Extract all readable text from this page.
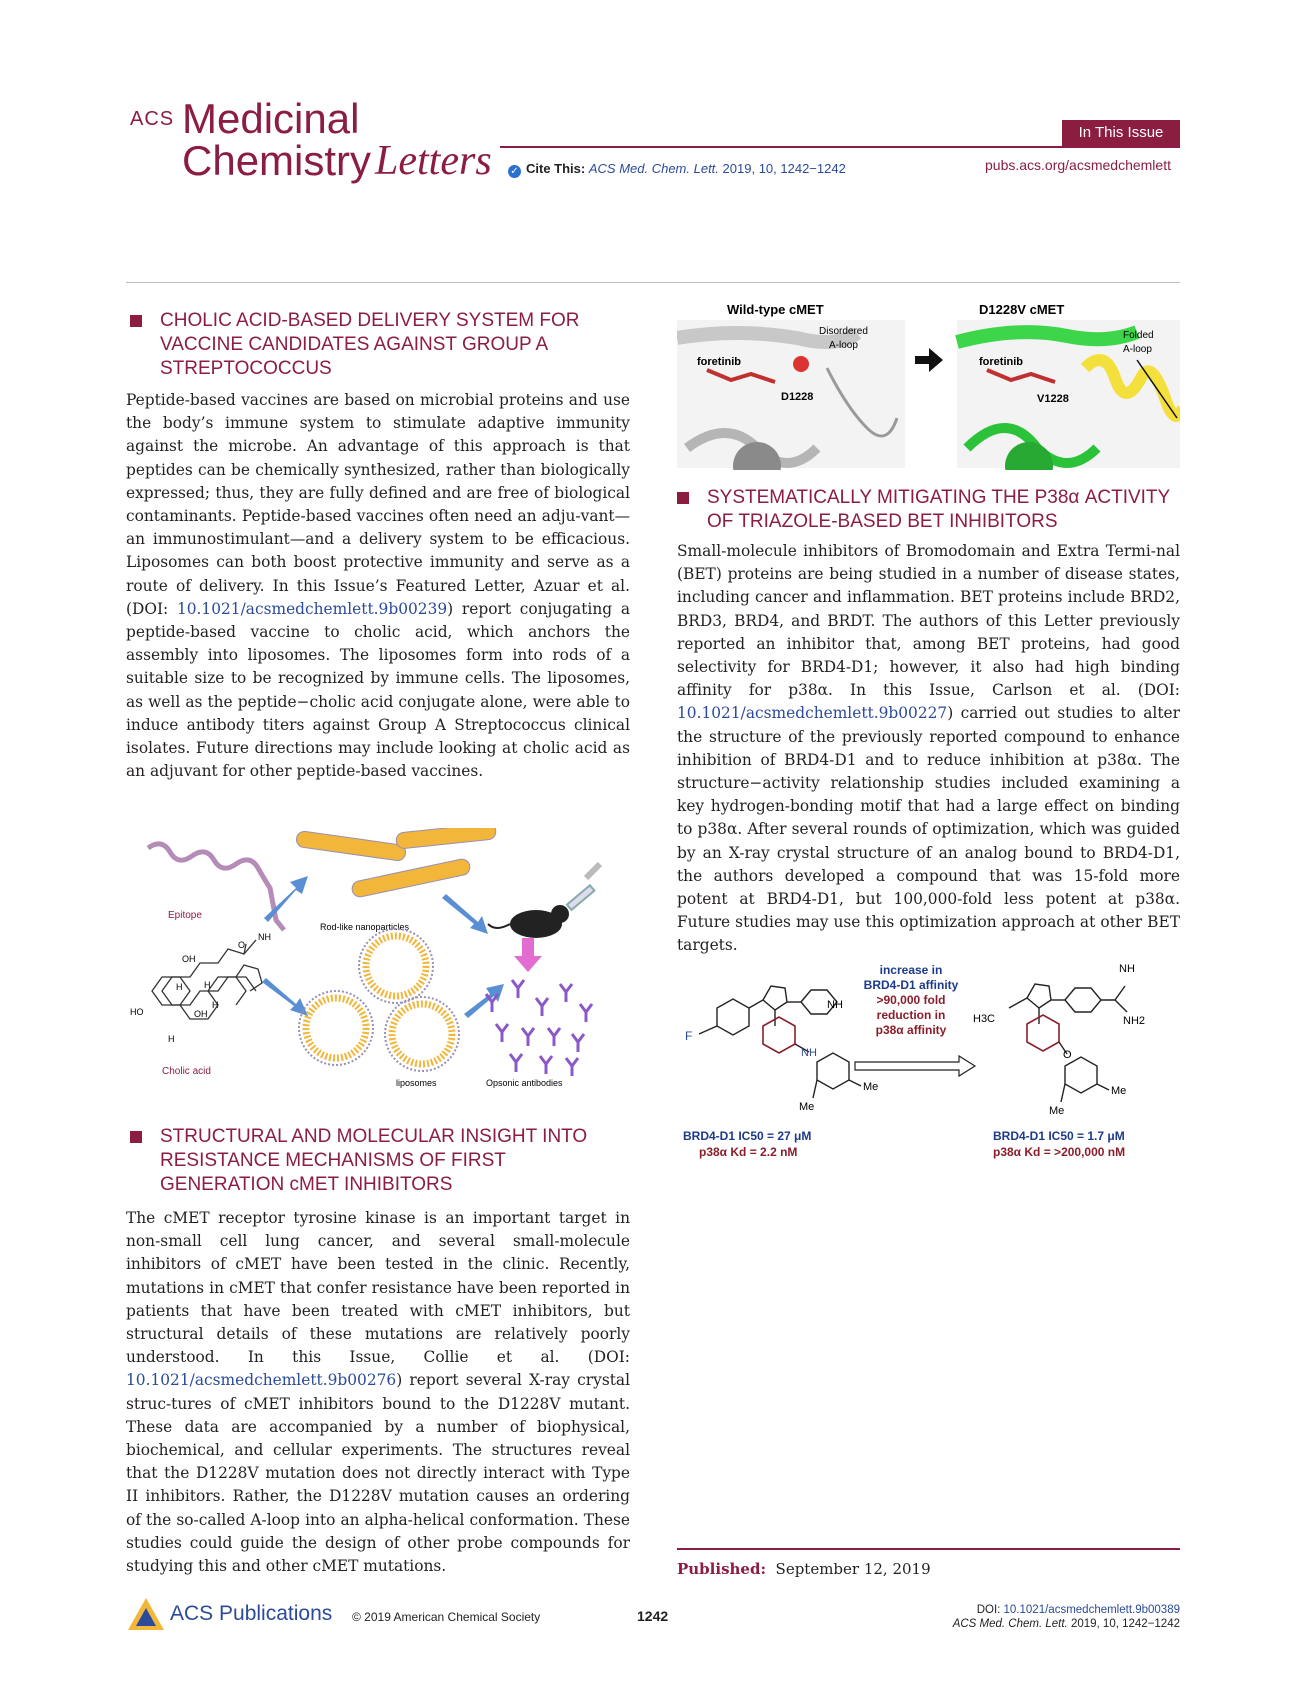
ACS Medicinal
Chemistry Letters
In This Issue
✓ Cite This: ACS Med. Chem. Lett. 2019, 10, 1242−1242	pubs.acs.org/acsmedchemlett
CHOLIC ACID-BASED DELIVERY SYSTEM FOR VACCINE CANDIDATES AGAINST GROUP A STREPTOCOCCUS
Peptide-based vaccines are based on microbial proteins and use the body’s immune system to stimulate adaptive immunity against the microbe. An advantage of this approach is that peptides can be chemically synthesized, rather than biologically expressed; thus, they are fully defined and are free of biological contaminants. Peptide-based vaccines often need an adju-vant—an immunostimulant—and a delivery system to be efficacious. Liposomes can both boost protective immunity and serve as a route of delivery. In this Issue’s Featured Letter, Azuar et al. (DOI: 10.1021/acsmedchemlett.9b00239) report conjugating a peptide-based vaccine to cholic acid, which anchors the assembly into liposomes. The liposomes form into rods of a suitable size to be recognized by immune cells. The liposomes, as well as the peptide−cholic acid conjugate alone, were able to induce antibody titers against Group A Streptococcus clinical isolates. Future directions may include looking at cholic acid as an adjuvant for other peptide-based vaccines.
Epitope
NH
OH
O
HO	OH
H H
H
H
Cholic acid
Rod-like nanoparticles
liposomes	Opsonic antibodies
STRUCTURAL AND MOLECULAR INSIGHT INTO RESISTANCE MECHANISMS OF FIRST GENERATION cMET INHIBITORS
The cMET receptor tyrosine kinase is an important target in non-small cell lung cancer, and several small-molecule inhibitors of cMET have been tested in the clinic. Recently, mutations in cMET that confer resistance have been reported in patients that have been treated with cMET inhibitors, but structural details of these mutations are relatively poorly understood. In this Issue, Collie et al. (DOI: 10.1021/acsmedchemlett.9b00276) report several X-ray crystal struc-tures of cMET inhibitors bound to the D1228V mutant. These data are accompanied by a number of biophysical, biochemical, and cellular experiments. The structures reveal that the D1228V mutation does not directly interact with Type II inhibitors. Rather, the D1228V mutation causes an ordering of the so-called A-loop into an alpha-helical conformation. These studies could guide the design of other probe compounds for studying this and other cMET mutations.
Wild-type cMET	D1228V cMET
foretinib
Disordered
A-loop
D1228
foretinib
Folded
A-loop
V1228
SYSTEMATICALLY MITIGATING THE P38α ACTIVITY OF TRIAZOLE-BASED BET INHIBITORS
Small-molecule inhibitors of Bromodomain and Extra Termi-nal (BET) proteins are being studied in a number of disease states, including cancer and inflammation. BET proteins include BRD2, BRD3, BRD4, and BRDT. The authors of this Letter previously reported an inhibitor that, among BET proteins, had good selectivity for BRD4-D1; however, it also had high binding affinity for p38α. In this Issue, Carlson et al. (DOI: 10.1021/acsmedchemlett.9b00227) carried out studies to alter the structure of the previously reported compound to enhance inhibition of BRD4-D1 and to reduce inhibition at p38α. The structure−activity relationship studies included examining a key hydrogen-bonding motif that had a large effect on binding to p38α. After several rounds of optimization, which was guided by an X-ray crystal structure of an analog bound to BRD4-D1, the authors developed a compound that was 15-fold more potent at BRD4-D1, but 100,000-fold less potent at p38α. Future studies may use this optimization approach at other BET targets.
F
NH
NH
Me
Me
increase in
BRD4-D1 affinity
>90,000 fold
reduction in
p38α affinity
H3C
NH
NH2
O
Me
Me
BRD4-D1 IC50 = 27 μM
p38α Kd = 2.2 nM
BRD4-D1 IC50 = 1.7 μM
p38α Kd = >200,000 nM
Published: September 12, 2019
ACS Publications © 2019 American Chemical Society	1242	DOI: 10.1021/acsmedchemlett.9b00389
ACS Med. Chem. Lett. 2019, 10, 1242−1242
